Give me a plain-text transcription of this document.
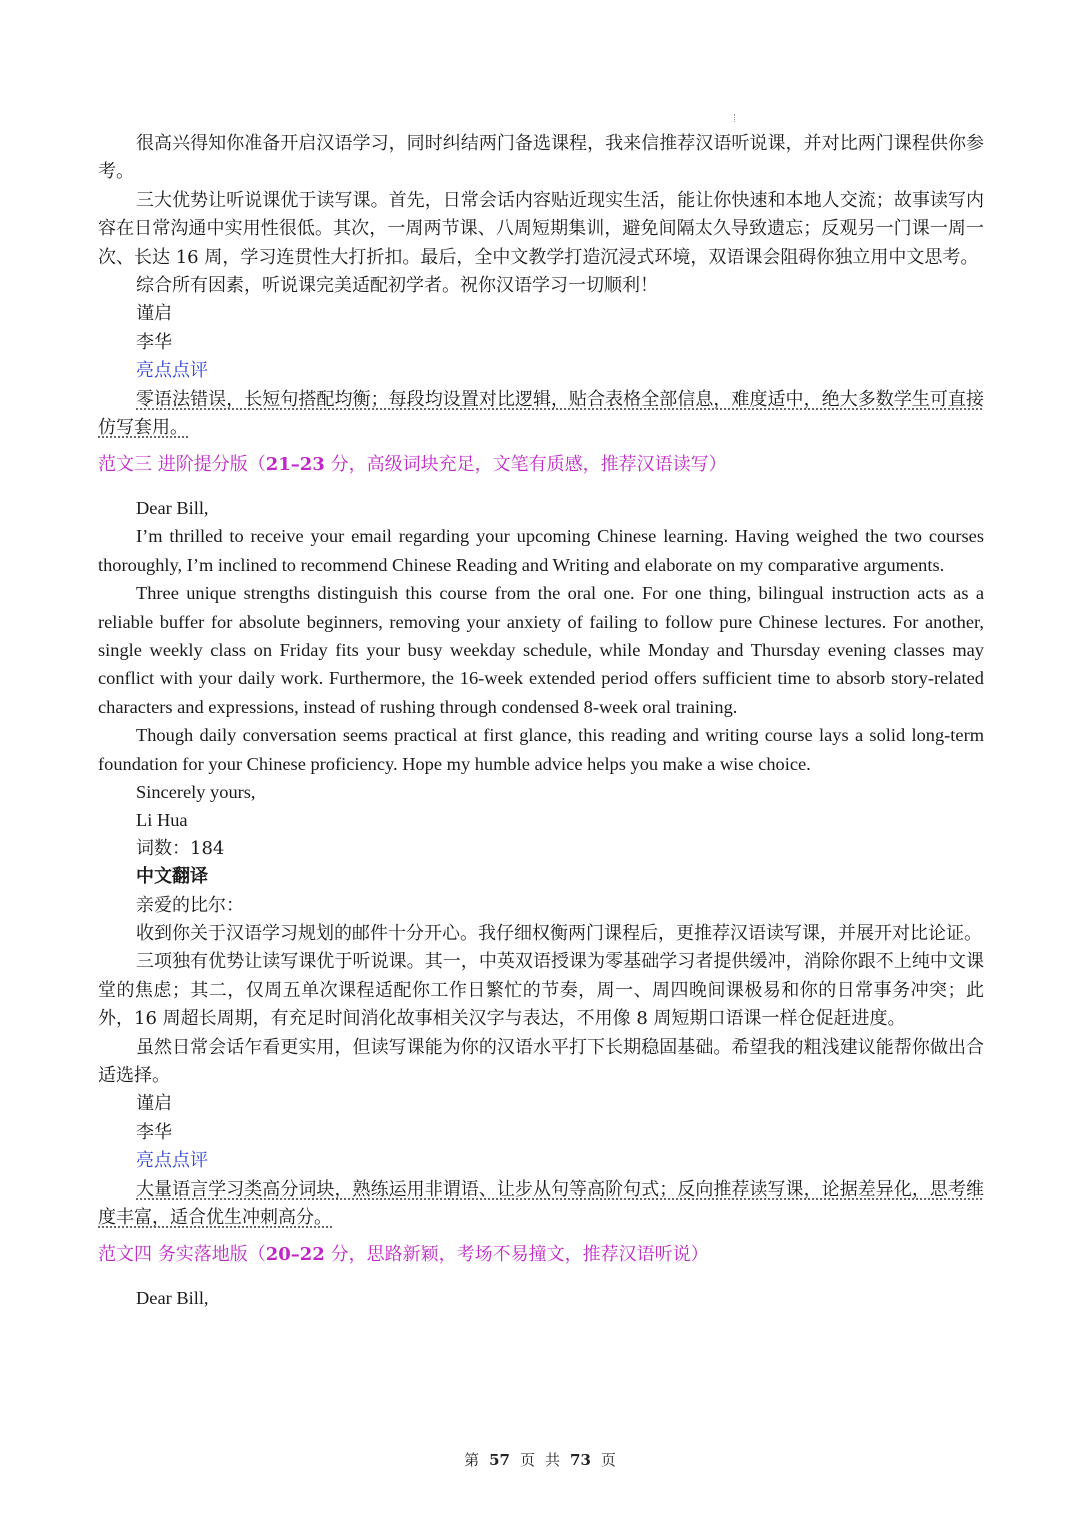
很高兴得知你准备开启汉语学习，同时纠结两门备选课程，我来信推荐汉语听说课，并对比两门课程供你参考。

三大优势让听说课优于读写课。首先，日常会话内容贴近现实生活，能让你快速和本地人交流；故事读写内容在日常沟通中实用性很低。其次，一周两节课、八周短期集训，避免间隔太久导致遗忘；反观另一门课一周一次、长达 16 周，学习连贯性大打折扣。最后，全中文教学打造沉浸式环境，双语课会阻碍你独立用中文思考。

综合所有因素，听说课完美适配初学者。祝你汉语学习一切顺利！

谨启

李华

亮点点评

零语法错误，长短句搭配均衡；每段均设置对比逻辑，贴合表格全部信息，难度适中，绝大多数学生可直接仿写套用。

范文三 进阶提分版（21–23 分，高级词块充足，文笔有质感，推荐汉语读写）

Dear Bill,

I’m thrilled to receive your email regarding your upcoming Chinese learning. Having weighed the two courses thoroughly, I’m inclined to recommend Chinese Reading and Writing and elaborate on my comparative arguments.

Three unique strengths distinguish this course from the oral one. For one thing, bilingual instruction acts as a reliable buffer for absolute beginners, removing your anxiety of failing to follow pure Chinese lectures. For another, single weekly class on Friday fits your busy weekday schedule, while Monday and Thursday evening classes may conflict with your daily work. Furthermore, the 16-week extended period offers sufficient time to absorb story-related characters and expressions, instead of rushing through condensed 8-week oral training.

Though daily conversation seems practical at first glance, this reading and writing course lays a solid long-term foundation for your Chinese proficiency. Hope my humble advice helps you make a wise choice.

Sincerely yours,

Li Hua

词数：184

中文翻译

亲爱的比尔：

收到你关于汉语学习规划的邮件十分开心。我仔细权衡两门课程后，更推荐汉语读写课，并展开对比论证。

三项独有优势让读写课优于听说课。其一，中英双语授课为零基础学习者提供缓冲，消除你跟不上纯中文课堂的焦虑；其二，仅周五单次课程适配你工作日繁忙的节奏，周一、周四晚间课极易和你的日常事务冲突；此外，16 周超长周期，有充足时间消化故事相关汉字与表达，不用像 8 周短期口语课一样仓促赶进度。

虽然日常会话乍看更实用，但读写课能为你的汉语水平打下长期稳固基础。希望我的粗浅建议能帮你做出合适选择。

谨启

李华

亮点点评

大量语言学习类高分词块，熟练运用非谓语、让步从句等高阶句式；反向推荐读写课，论据差异化，思考维度丰富，适合优生冲刺高分。

范文四 务实落地版（20–22 分，思路新颖，考场不易撞文，推荐汉语听说）

Dear Bill,

第 57 页 共 73 页
